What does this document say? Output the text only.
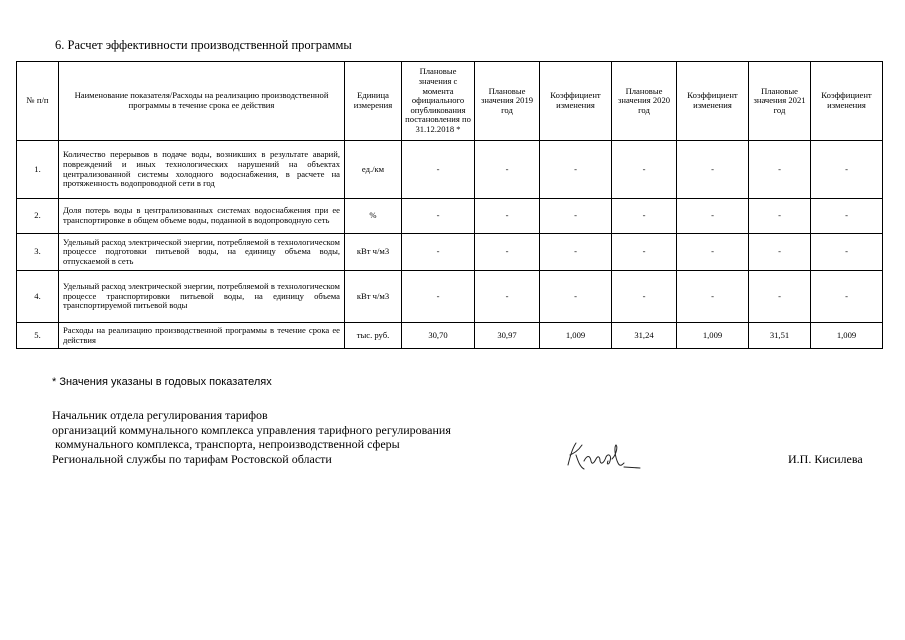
6. Расчет эффективности производственной программы
№ п/п	Наименование показателя/Расходы на реализацию производственной программы в течение срока ее действия	Единица измерения	Плановые значения с момента официального опубликования постановления по 31.12.2018 *	Плановые значения 2019 год	Коэффициент изменения	Плановые значения 2020 год	Коэффициент изменения	Плановые значения 2021 год	Коэффициент изменения
1.	Количество перерывов в подаче воды, возникших в результате аварий, повреждений и иных технологических нарушений на объектах централизованной системы холодного водоснабжения, в расчете на протяженность водопроводной сети в год	ед./км	-	-	-	-	-	-	-
2.	Доля потерь воды в централизованных системах водоснабжения при ее транспортировке в общем объеме воды, поданной в водопроводную сеть	%	-	-	-	-	-	-	-
3.	Удельный расход электрической энергии, потребляемой в технологическом процессе подготовки питьевой воды, на единицу объема воды, отпускаемой в сеть	кВт ч/м3	-	-	-	-	-	-	-
4.	Удельный расход электрической энергии, потребляемой в технологическом процессе транспортировки питьевой воды, на единицу объема транспортируемой питьевой воды	кВт ч/м3	-	-	-	-	-	-	-
5.	Расходы на реализацию производственной программы в течение срока ее действия	тыс. руб.	30,70	30,97	1,009	31,24	1,009	31,51	1,009
* Значения указаны в годовых показателях
Начальник отдела регулирования тарифов
организаций коммунального комплекса управления тарифного регулирования
коммунального комплекса, транспорта, непроизводственной сферы
Региональной службы по тарифам Ростовской области	И.П. Кисилева
